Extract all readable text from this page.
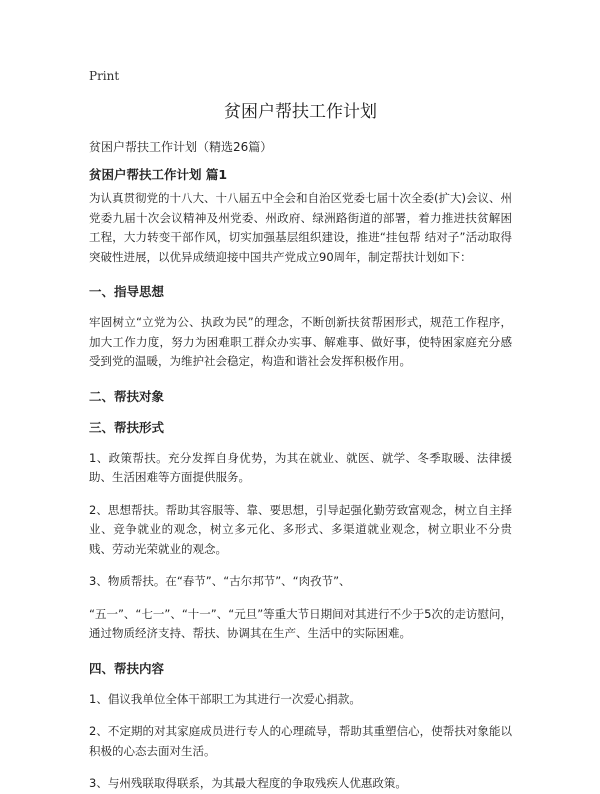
Print
贫困户帮扶工作计划
贫困户帮扶工作计划（精选26篇）
贫困户帮扶工作计划 篇1

为认真贯彻党的十八大、十八届五中全会和自治区党委七届十次全委(扩大)会议、州党委九届十次会议精神及州党委、州政府、绿洲路街道的部署，着力推进扶贫解困工程，大力转变干部作风，切实加强基层组织建设，推进“挂包帮 结对子”活动取得突破性进展，以优异成绩迎接中国共产党成立90周年，制定帮扶计划如下：

一、指导思想

牢固树立“立党为公、执政为民”的理念，不断创新扶贫帮困形式，规范工作程序，加大工作力度，努力为困难职工群众办实事、解难事、做好事，使特困家庭充分感受到党的温暖，为维护社会稳定，构造和谐社会发挥积极作用。

二、帮扶对象
三、帮扶形式

1、政策帮扶。充分发挥自身优势，为其在就业、就医、就学、冬季取暖、法律援助、生活困难等方面提供服务。

2、思想帮扶。帮助其容服等、靠、要思想，引导起强化勤劳致富观念，树立自主择业、竞争就业的观念，树立多元化、多形式、多渠道就业观念，树立职业不分贵贱、劳动光荣就业的观念。

3、物质帮扶。在“春节”、“古尔邦节”、“肉孜节”、

“五一”、“七一”、“十一”、“元旦”等重大节日期间对其进行不少于5次的走访慰问，通过物质经济支持、帮扶、协调其在生产、生活中的实际困难。

四、帮扶内容

1、倡议我单位全体干部职工为其进行一次爱心捐款。

2、不定期的对其家庭成员进行专人的心理疏导，帮助其重塑信心，使帮扶对象能以积极的心态去面对生活。

3、与州残联取得联系，为其最大程度的争取残疾人优惠政策。
